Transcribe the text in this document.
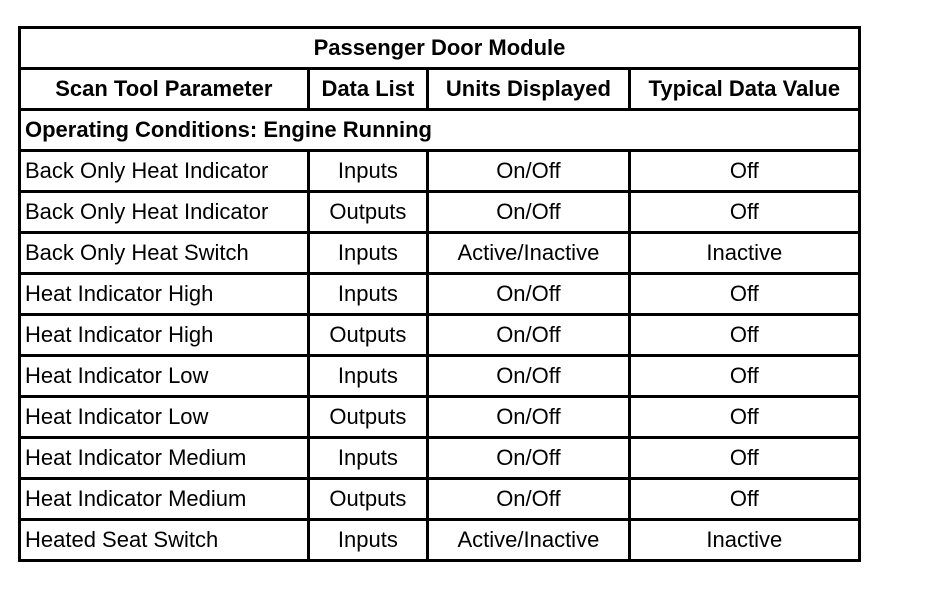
Passenger Door Module			
Scan Tool Parameter	Data List	Units Displayed	Typical Data Value
Operating Conditions: Engine Running			
Back Only Heat Indicator	Inputs	On/Off	Off
Back Only Heat Indicator	Outputs	On/Off	Off
Back Only Heat Switch	Inputs	Active/Inactive	Inactive
Heat Indicator High	Inputs	On/Off	Off
Heat Indicator High	Outputs	On/Off	Off
Heat Indicator Low	Inputs	On/Off	Off
Heat Indicator Low	Outputs	On/Off	Off
Heat Indicator Medium	Inputs	On/Off	Off
Heat Indicator Medium	Outputs	On/Off	Off
Heated Seat Switch	Inputs	Active/Inactive	Inactive
